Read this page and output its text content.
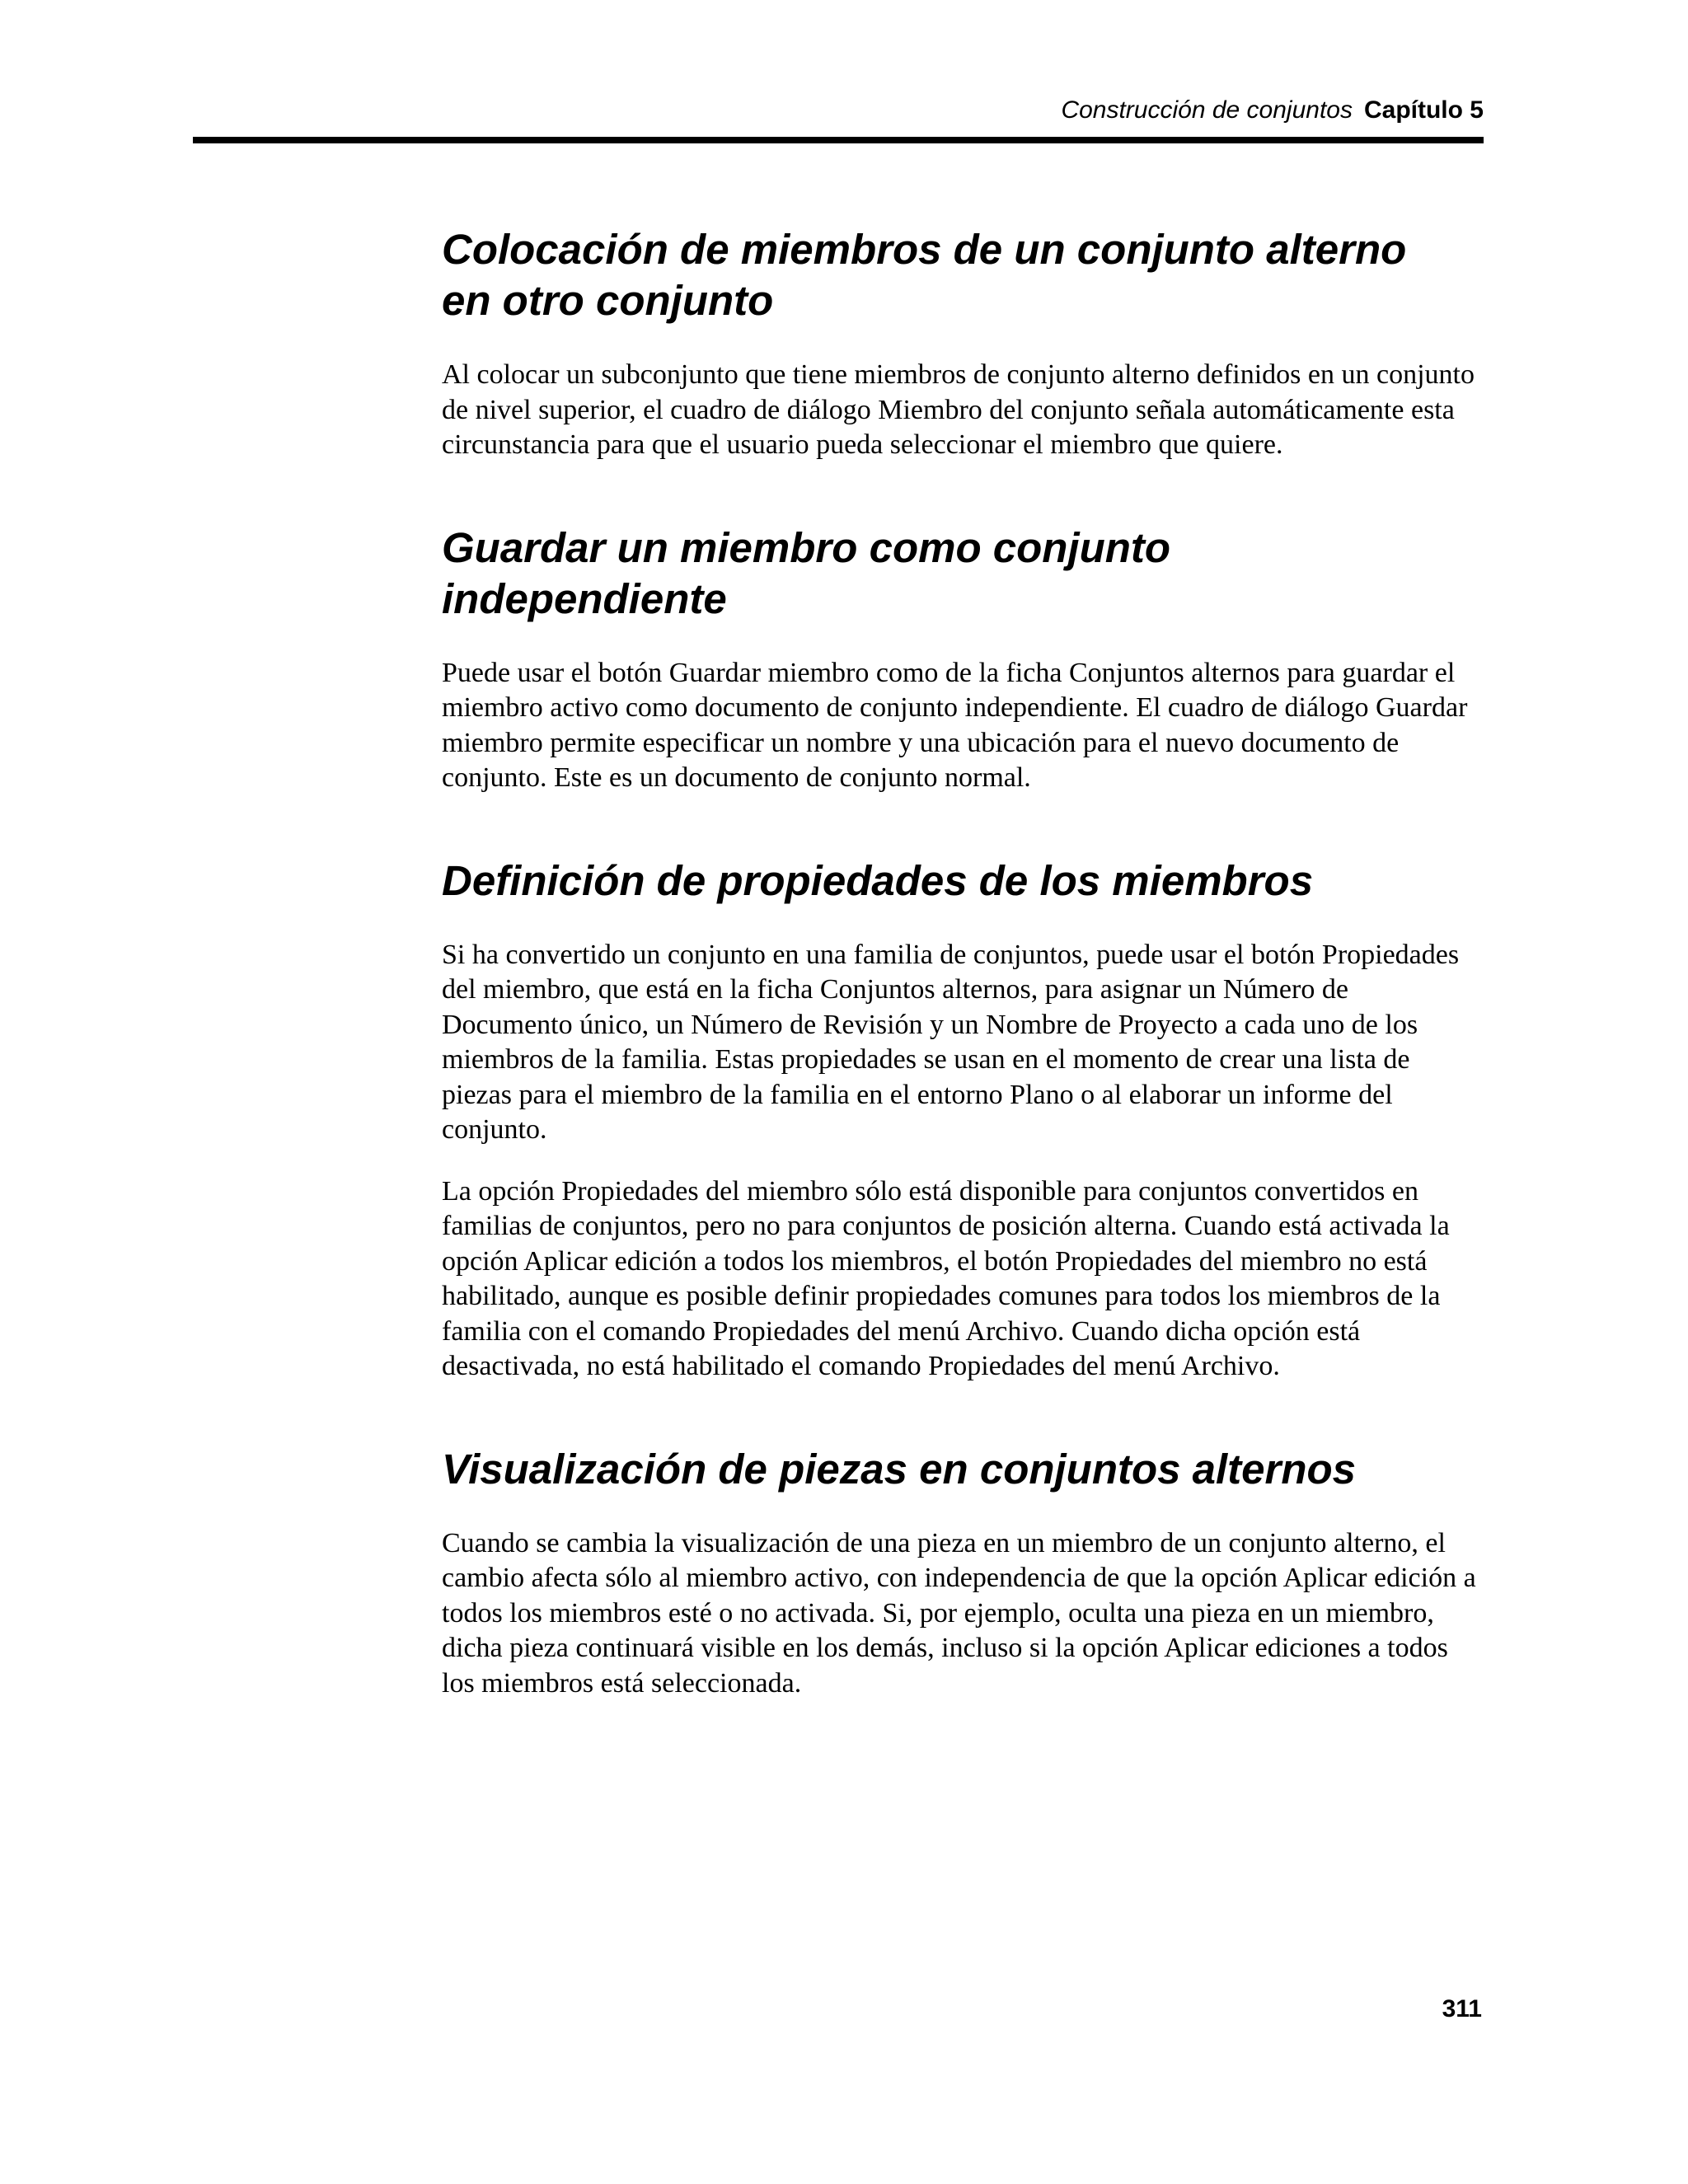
Construcción de conjuntos Capítulo 5
Colocación de miembros de un conjunto alterno
en otro conjunto

Al colocar un subconjunto que tiene miembros de conjunto alterno definidos en un conjunto de nivel superior, el cuadro de diálogo Miembro del conjunto señala automáticamente esta circunstancia para que el usuario pueda seleccionar el miembro que quiere.

Guardar un miembro como conjunto
independiente

Puede usar el botón Guardar miembro como de la ficha Conjuntos alternos para guardar el miembro activo como documento de conjunto independiente. El cuadro de diálogo Guardar miembro permite especificar un nombre y una ubicación para el nuevo documento de conjunto. Este es un documento de conjunto normal.

Definición de propiedades de los miembros

Si ha convertido un conjunto en una familia de conjuntos, puede usar el botón Propiedades del miembro, que está en la ficha Conjuntos alternos, para asignar un Número de Documento único, un Número de Revisión y un Nombre de Proyecto a cada uno de los miembros de la familia. Estas propiedades se usan en el momento de crear una lista de piezas para el miembro de la familia en el entorno Plano o al elaborar un informe del conjunto.

La opción Propiedades del miembro sólo está disponible para conjuntos convertidos en familias de conjuntos, pero no para conjuntos de posición alterna. Cuando está activada la opción Aplicar edición a todos los miembros, el botón Propiedades del miembro no está habilitado, aunque es posible definir propiedades comunes para todos los miembros de la familia con el comando Propiedades del menú Archivo. Cuando dicha opción está desactivada, no está habilitado el comando Propiedades del menú Archivo.

Visualización de piezas en conjuntos alternos

Cuando se cambia la visualización de una pieza en un miembro de un conjunto alterno, el cambio afecta sólo al miembro activo, con independencia de que la opción Aplicar edición a todos los miembros esté o no activada. Si, por ejemplo, oculta una pieza en un miembro, dicha pieza continuará visible en los demás, incluso si la opción Aplicar ediciones a todos los miembros está seleccionada.

311
